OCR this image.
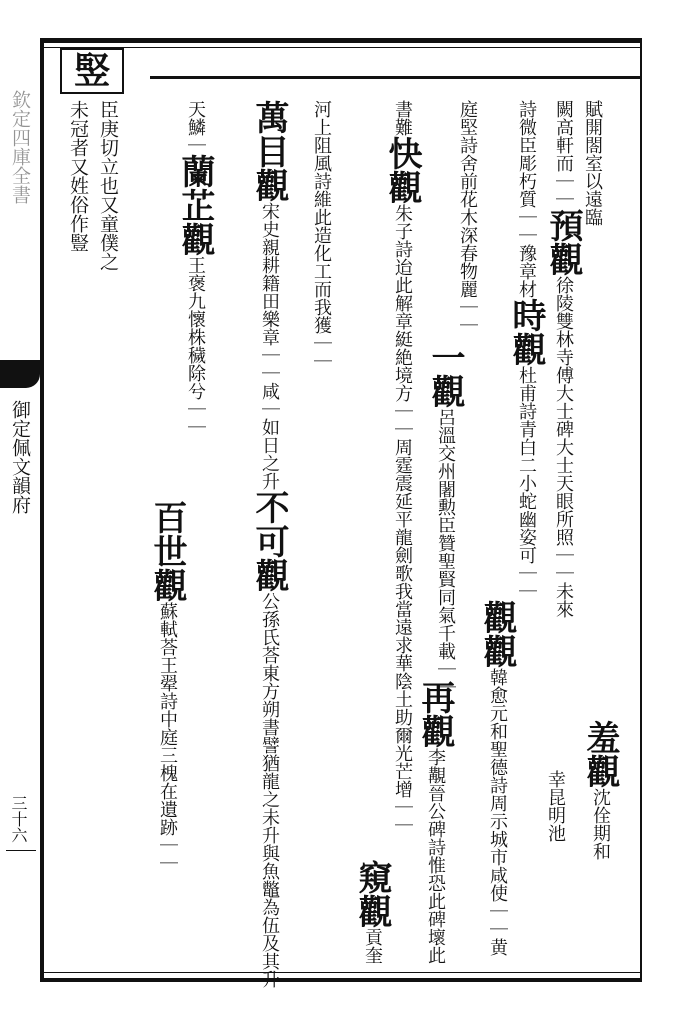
欽定四庫全書
御定佩文韻府
三十六
竪
賦開閤室以遠臨
闕高軒而｜｜預觀徐陵雙林寺傅大士碑大士天眼所照｜｜未來
羞觀沈佺期和
幸昆明池
詩微臣彫朽質｜｜豫章材時觀杜甫詩青白二小蛇幽姿可｜｜
觀觀韓愈元和聖德詩周示城市咸使｜｜黄
庭堅詩舍前花木深春物麗｜｜
一觀呂溫交州闍勲臣贊聖賢同氣千載｜｜
再觀李覯晉公碑詩惟恐此碑壞此
書難快觀朱子詩迨此解章綎絶境方｜｜周霆震延平龍劍歌我當遠求華陰土助爾光芒增｜｜
窺觀貢奎
河上阻風詩維此造化工而我獲｜｜
萬目觀宋史親耕籍田樂章｜｜咸｜如日之升不可觀公孫氏荅東方朔書譬猶龍之未升與魚鼈為伍及其升
天鱗｜蘭芷觀王褒九懷株穢除兮｜｜
百世觀蘇軾荅王翚詩中庭三槐在遺跡｜｜
臣庚切立也又童僕之
未冠者又姓俗作豎
